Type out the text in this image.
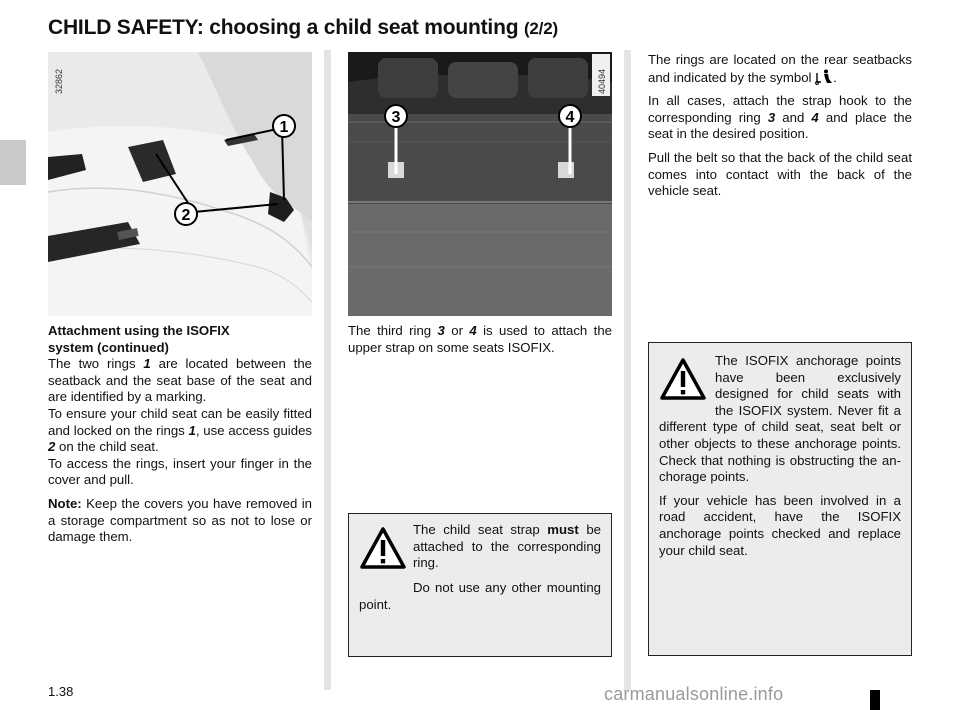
CHILD SAFETY: choosing a child seat mounting (2/2)
1
2
32862
3	4
40494
Attachment using the ISOFIX
system (continued)
The two rings 1 are located between the seatback and the seat base of the seat and are identified by a marking.
To ensure your child seat can be easily fitted and locked on the rings 1, use access guides 2 on the child seat.

To access the rings, insert your finger in the cover and pull.

Note: Keep the covers you have removed in a storage compartment so as not to lose or damage them.

The third ring 3 or 4 is used to attach the upper strap on some seats ISOFIX.

The child seat strap must be attached to the corresponding ring.
Do not use any other mounting point.

The rings are located on the rear seatbacks and indicated by the symbol .

In all cases, attach the strap hook to the corresponding ring 3 and 4 and place the seat in the desired position.

Pull the belt so that the back of the child seat comes into contact with the back of the vehicle seat.

The ISOFIX anchorage points have been exclusively designed for child seats with the ISOFIX system. Never fit a different type of child seat, seat belt or other objects to these anchorage points. Check that nothing is obstructing the anchorage points.

If your vehicle has been involved in a road accident, have the ISOFIX anchorage points checked and replace your child seat.

1.38	carmanualsonline.info
